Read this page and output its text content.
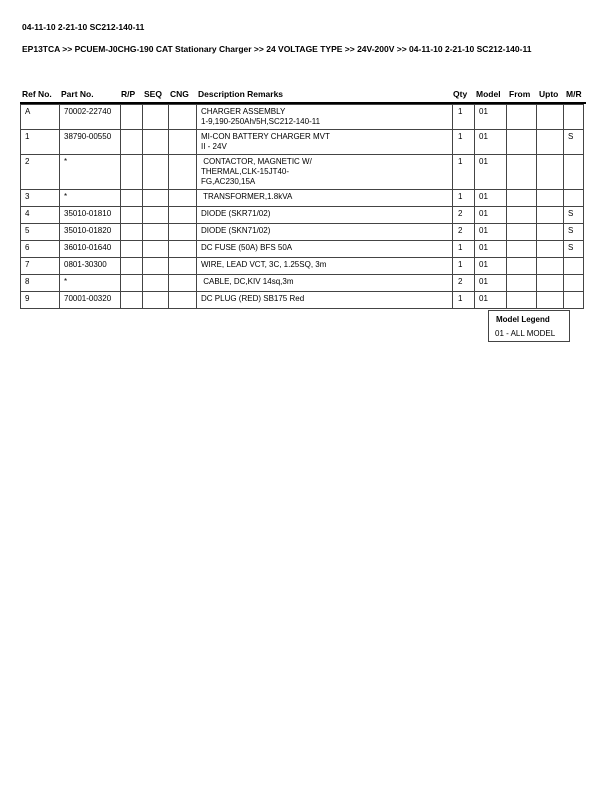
04-11-10 2-21-10 SC212-140-11
EP13TCA >> PCUEM-J0CHG-190 CAT Stationary Charger >> 24 VOLTAGE TYPE >> 24V-200V >> 04-11-10 2-21-10 SC212-140-11
Ref No. Part No.	R/P SEQ CNG Description Remarks	Qty Model From Upto M/R
A	70002-22740				CHARGER ASSEMBLY
1-9,190-250Ah/5H,SC212-140-11	1	01			
1	38790-00550				MI-CON BATTERY CHARGER MVT
II - 24V	1	01			S
2	*				CONTACTOR, MAGNETIC W/
THERMAL,CLK-15JT40-
FG,AC230,15A	1	01			
3	*				TRANSFORMER,1.8kVA	1	01			
4	35010-01810				DIODE (SKR71/02)	2	01			S
5	35010-01820				DIODE (SKN71/02)	2	01			S
6	36010-01640				DC FUSE (50A) BFS 50A	1	01			S
7	0801-30300				WIRE, LEAD VCT, 3C, 1.25SQ, 3m	1	01			
8	*				CABLE, DC,KIV 14sq,3m	2	01			
9	70001-00320				DC PLUG (RED) SB175 Red	1	01			
Model Legend
01 - ALL MODEL
